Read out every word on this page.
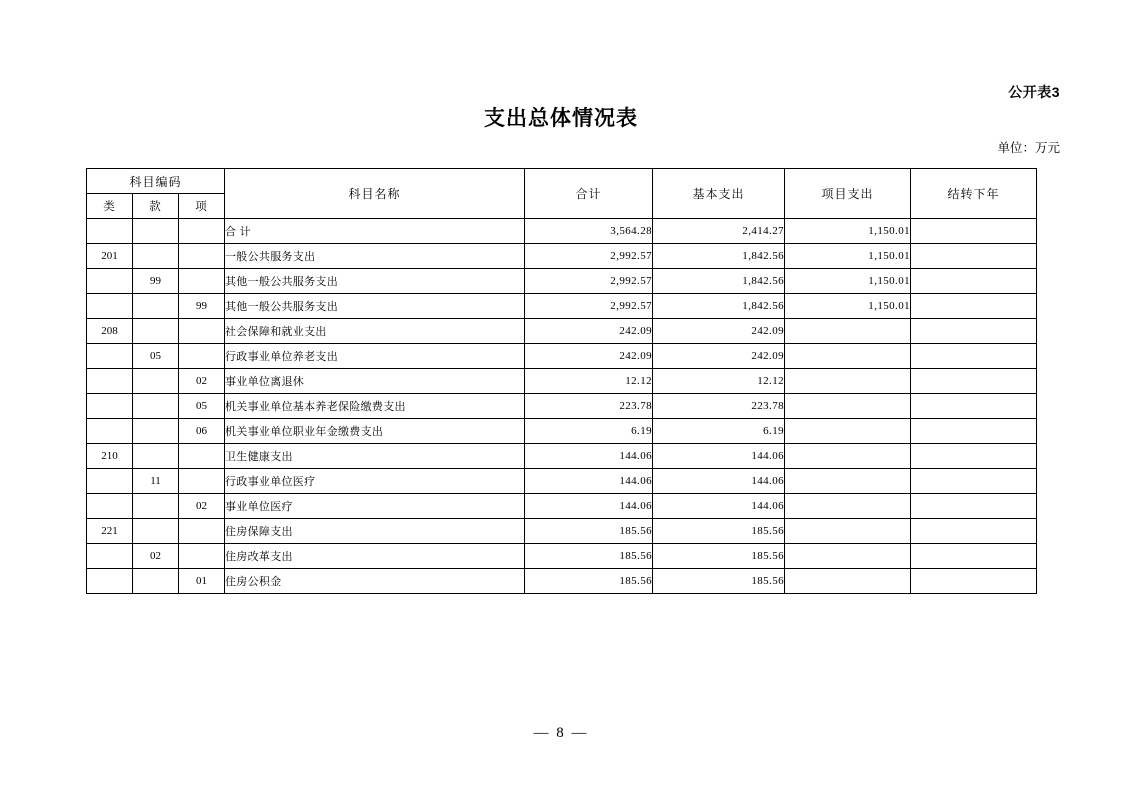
公开表3
支出总体情况表
单位：万元
科目编码			科目名称	合计	基本支出	项目支出	结转下年
类	款	项					
			合 计	3,564.28	2,414.27	1,150.01	
201			一般公共服务支出	2,992.57	1,842.56	1,150.01	
	99		其他一般公共服务支出	2,992.57	1,842.56	1,150.01	
		99	其他一般公共服务支出	2,992.57	1,842.56	1,150.01	
208			社会保障和就业支出	242.09	242.09		
	05		行政事业单位养老支出	242.09	242.09		
		02	事业单位离退休	12.12	12.12		
		05	机关事业单位基本养老保险缴费支出	223.78	223.78		
		06	机关事业单位职业年金缴费支出	6.19	6.19		
210			卫生健康支出	144.06	144.06		
	11		行政事业单位医疗	144.06	144.06		
		02	事业单位医疗	144.06	144.06		
221			住房保障支出	185.56	185.56		
	02		住房改革支出	185.56	185.56		
		01	住房公积金	185.56	185.56		
— 8 —
